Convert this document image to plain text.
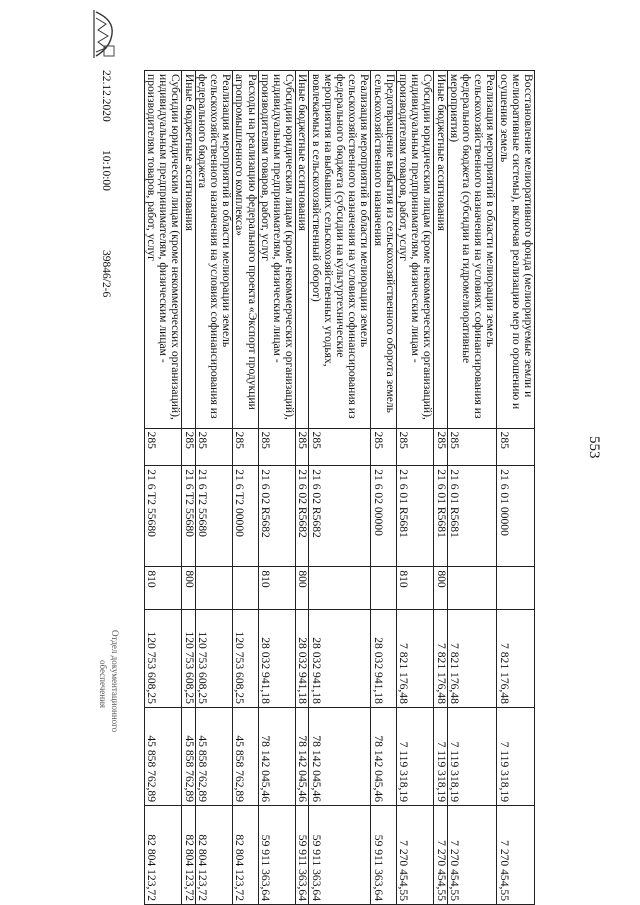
553
Восстановление мелиоративного фонда (мелиорируемые земли и мелиоративные системы), включая реализацию мер по орошению и осушению земель	285	21 6 01 00000		7 821 176,48	7 119 318,19	7 270 454,55
Реализация мероприятий в области мелиорации земель сельскохозяйственного назначения на условиях софинансирования из федерального бюджета (субсидии на гидромелиоративные мероприятия)	285	21 6 01 R5681		7 821 176,48	7 119 318,19	7 270 454,55
Иные бюджетные ассигнования	285	21 6 01 R5681	800	7 821 176,48	7 119 318,19	7 270 454,55
Субсидии юридическим лицам (кроме некоммерческих организаций), индивидуальным предпринимателям, физическим лицам - производителям товаров, работ, услуг	285	21 6 01 R5681	810	7 821 176,48	7 119 318,19	7 270 454,55
Предотвращение выбытия из сельскохозяйственного оборота земель сельскохозяйственного назначения	285	21 6 02 00000		28 032 941,18	78 142 045,46	59 911 363,64
Реализация мероприятий в области мелиорации земель сельскохозяйственного назначения на условиях софинансирования из федерального бюджета (субсидии на культуртехнические мероприятия на выбывших сельскохозяйственных угодьях, вовлекаемых в сельскохозяйственный оборот)	285	21 6 02 R5682		28 032 941,18	78 142 045,46	59 911 363,64
Иные бюджетные ассигнования	285	21 6 02 R5682	800	28 032 941,18	78 142 045,46	59 911 363,64
Субсидии юридическим лицам (кроме некоммерческих организаций), индивидуальным предпринимателям, физическим лицам - производителям товаров, работ, услуг	285	21 6 02 R5682	810	28 032 941,18	78 142 045,46	59 911 363,64
Расходы на реализацию федерального проекта «Экспорт продукции агропромышленного комплекса»	285	21 6 T2 00000		120 753 608,25	45 858 762,89	82 804 123,72
Реализация мероприятий в области мелиорации земель сельскохозяйственного назначения на условиях софинансирования из федерального бюджета	285	21 6 T2 55680		120 753 608,25	45 858 762,89	82 804 123,72
Иные бюджетные ассигнования	285	21 6 T2 55680	800	120 753 608,25	45 858 762,89	82 804 123,72
Субсидии юридическим лицам (кроме некоммерческих организаций), индивидуальным предпринимателям, физическим лицам - производителям товаров, работ, услуг	285	21 6 T2 55680	810	120 753 608,25	45 858 762,89	82 804 123,72
22.12.2020
10:10:00
39846/2-6
Отдел документационного
обеспечения
